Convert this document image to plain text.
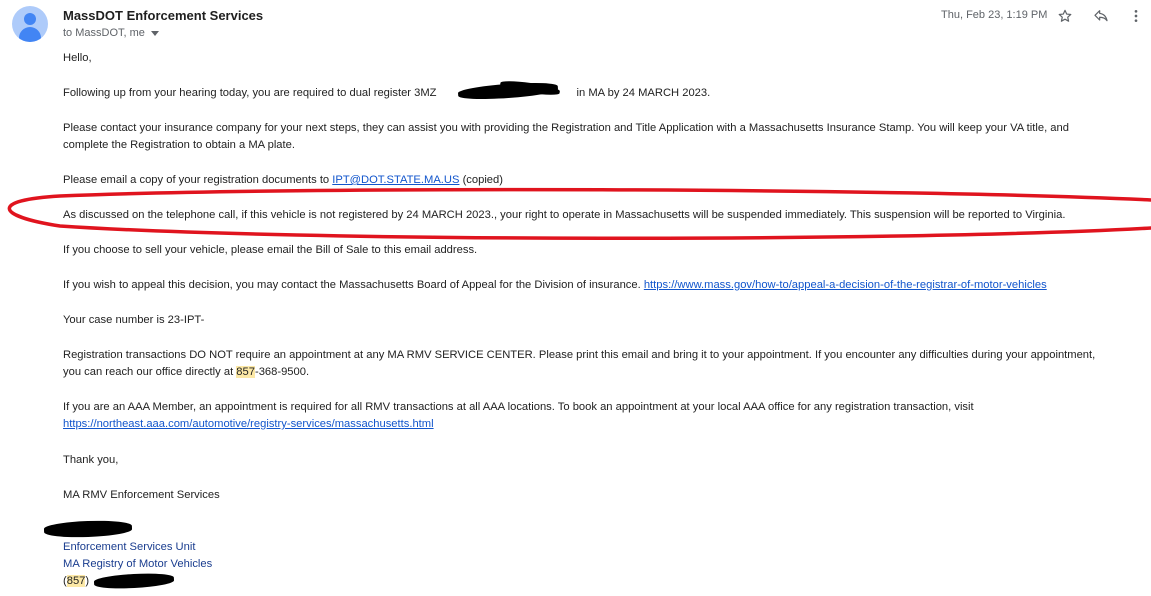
MassDOT Enforcement Services
to MassDOT, me
Thu, Feb 23, 1:19 PM
Hello,
Following up from your hearing today, you are required to dual register 3MZ	in MA by 24 MARCH 2023.
Please contact your insurance company for your next steps, they can assist you with providing the Registration and Title Application with a Massachusetts Insurance Stamp. You will keep your VA title, and
complete the Registration to obtain a MA plate.
Please email a copy of your registration documents to IPT@DOT.STATE.MA.US (copied)
As discussed on the telephone call, if this vehicle is not registered by 24 MARCH 2023., your right to operate in Massachusetts will be suspended immediately. This suspension will be reported to Virginia.
If you choose to sell your vehicle, please email the Bill of Sale to this email address.
If you wish to appeal this decision, you may contact the Massachusetts Board of Appeal for the Division of insurance. https://www.mass.gov/how-to/appeal-a-decision-of-the-registrar-of-motor-vehicles
Your case number is 23-IPT-
Registration transactions DO NOT require an appointment at any MA RMV SERVICE CENTER. Please print this email and bring it to your appointment. If you encounter any difficulties during your appointment,
you can reach our office directly at 857-368-9500.
If you are an AAA Member, an appointment is required for all RMV transactions at all AAA locations. To book an appointment at your local AAA office for any registration transaction, visit
https://northeast.aaa.com/automotive/registry-services/massachusetts.html
Thank you,
MA RMV Enforcement Services
Enforcement Services Unit
MA Registry of Motor Vehicles
(857)
